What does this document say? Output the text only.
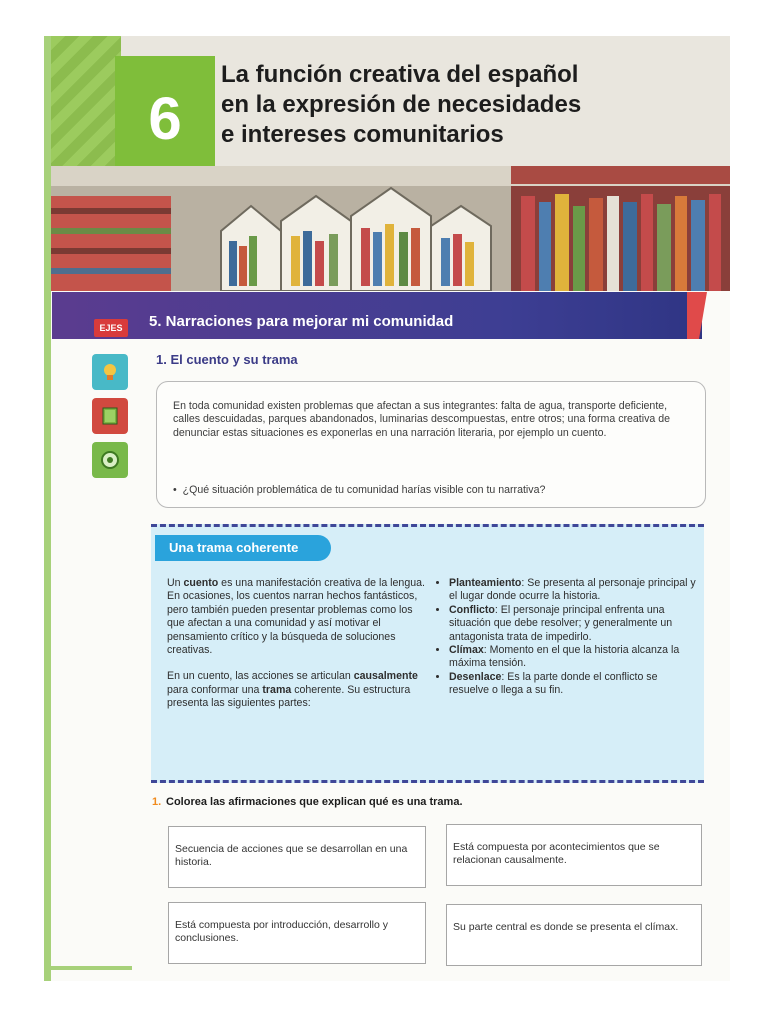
6
La función creativa del español
en la expresión de necesidades
e intereses comunitarios
EJES	5. Narraciones para mejorar mi comunidad
1. El cuento y su trama
En toda comunidad existen problemas que afectan a sus integrantes: falta de agua, transporte deficiente, calles descuidadas, parques abandonados, luminarias descompuestas, entre otros; una forma creativa de denunciar estas situaciones es exponerlas en una narración literaria, por ejemplo un cuento.
•  ¿Qué situación problemática de tu comunidad harías visible con tu narrativa?
Una trama coherente

Un cuento es una manifestación creativa de la lengua. En ocasiones, los cuentos narran hechos fantásticos, pero también pueden presentar problemas como los que afectan a una comunidad y así motivar el pensamiento crítico y la búsqueda de soluciones creativas.

En un cuento, las acciones se articulan causalmente para conformar una trama coherente. Su estructura presenta las siguientes partes:

• Planteamiento: Se presenta al personaje principal y el lugar donde ocurre la historia.
• Conflicto: El personaje principal enfrenta una situación que debe resolver; y generalmente un antagonista trata de impedirlo.
• Clímax: Momento en el que la historia alcanza la máxima tensión.
• Desenlace: Es la parte donde el conflicto se resuelve o llega a su fin.
1. Colorea las afirmaciones que explican qué es una trama.
Secuencia de acciones que se desarrollan en una historia.
Está compuesta por acontecimientos que se relacionan causalmente.
Está compuesta por introducción, desarrollo y conclusiones.
Su parte central es donde se presenta el clímax.
